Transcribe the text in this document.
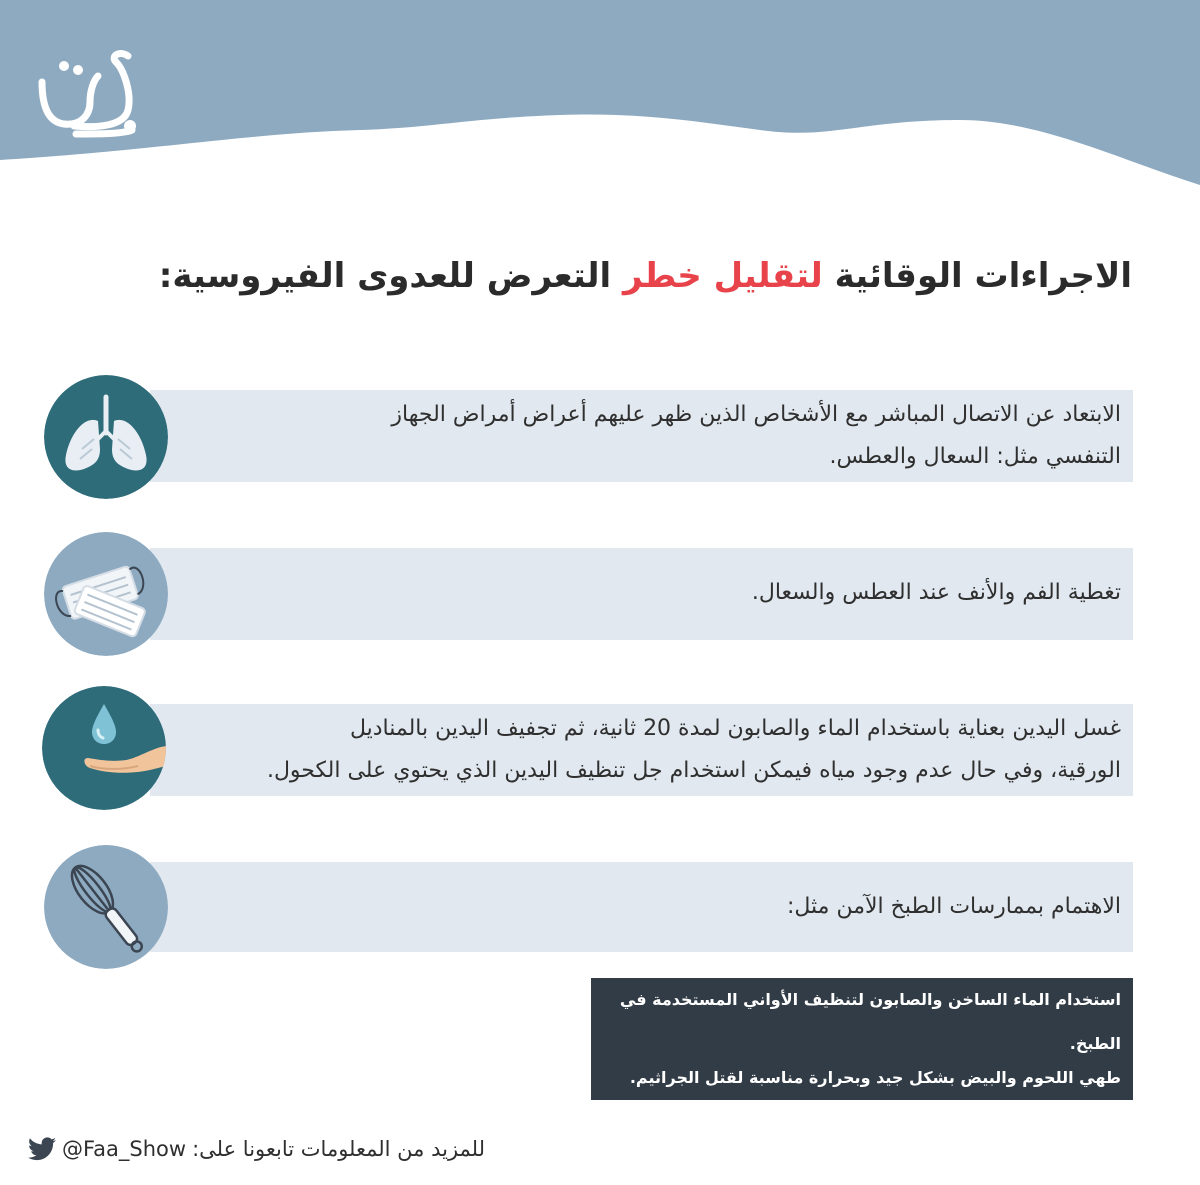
الاجراءات الوقائية لتقليل خطر التعرض للعدوى الفيروسية:
الابتعاد عن الاتصال المباشر مع الأشخاص الذين ظهر عليهم أعراض أمراض الجهاز
التنفسي مثل: السعال والعطس.
تغطية الفم والأنف عند العطس والسعال.
غسل اليدين بعناية باستخدام الماء والصابون لمدة 20 ثانية، ثم تجفيف اليدين بالمناديل
الورقية، وفي حال عدم وجود مياه فيمكن استخدام جل تنظيف اليدين الذي يحتوي على الكحول.
الاهتمام بممارسات الطبخ الآمن مثل:
استخدام الماء الساخن والصابون لتنظيف الأواني المستخدمة في الطبخ.
طهي اللحوم والبيض بشكل جيد وبحرارة مناسبة لقتل الجراثيم.
@Faa_Show للمزيد من المعلومات تابعونا على:
